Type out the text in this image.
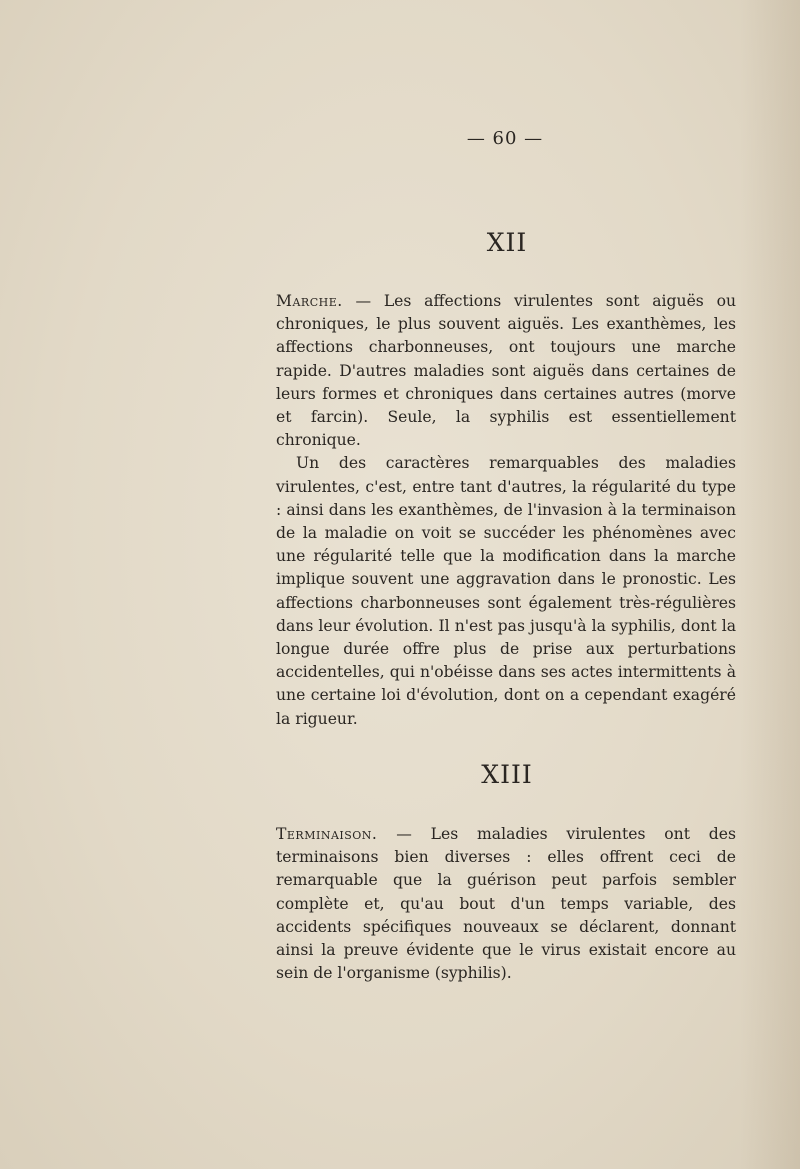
— 60 —
XII

Marche. — Les affections virulentes sont aiguës ou chroniques, le plus souvent aiguës. Les exanthèmes, les affections charbonneuses, ont toujours une marche rapide. D'autres maladies sont aiguës dans certaines de leurs formes et chroniques dans certaines autres (morve et farcin). Seule, la syphilis est essentiellement chronique.

Un des caractères remarquables des maladies virulentes, c'est, entre tant d'autres, la régularité du type : ainsi dans les exanthèmes, de l'invasion à la terminaison de la maladie on voit se succéder les phénomènes avec une régularité telle que la modification dans la marche implique souvent une aggravation dans le pronostic. Les affections charbonneuses sont également très-régulières dans leur évolution. Il n'est pas jusqu'à la syphilis, dont la longue durée offre plus de prise aux perturbations accidentelles, qui n'obéisse dans ses actes intermittents à une certaine loi d'évolution, dont on a cependant exagéré la rigueur.

XIII

Terminaison. — Les maladies virulentes ont des terminaisons bien diverses : elles offrent ceci de remarquable que la guérison peut parfois sembler complète et, qu'au bout d'un temps variable, des accidents spécifiques nouveaux se déclarent, donnant ainsi la preuve évidente que le virus existait encore au sein de l'organisme (syphilis).
